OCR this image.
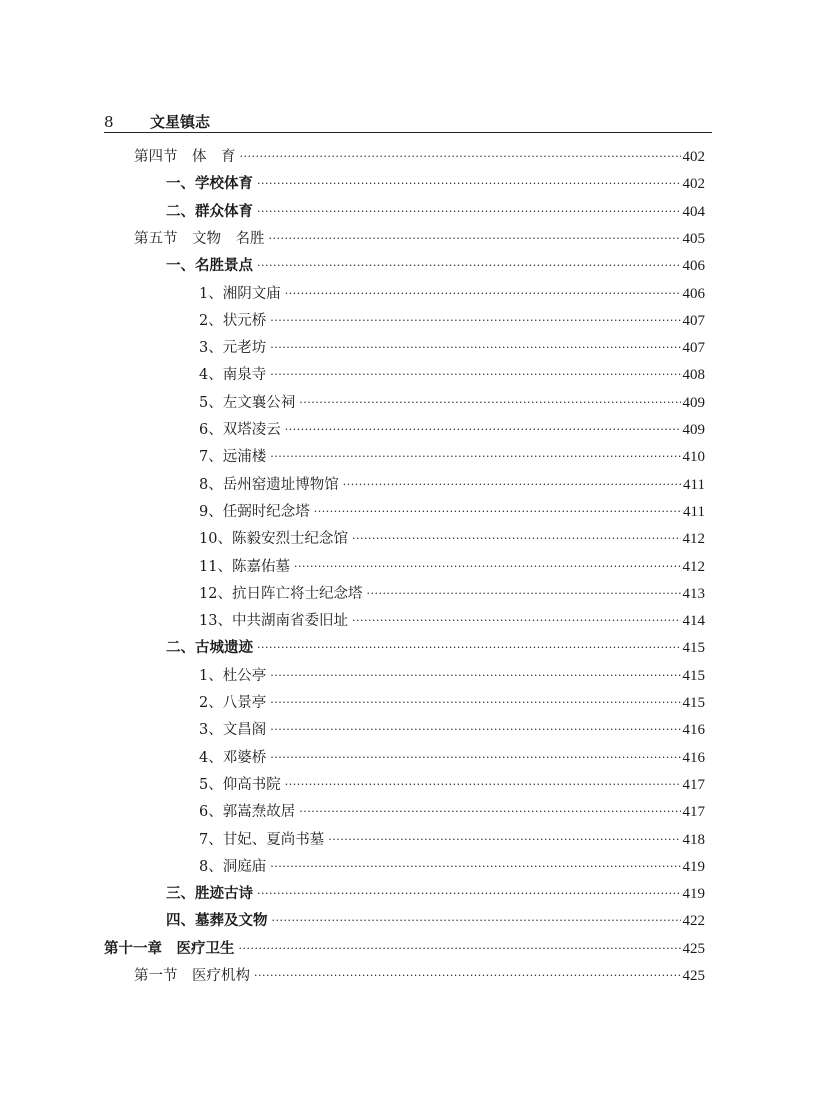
8 文星镇志
第四节　体　育 ·····	402
一、学校体育 ·····	402
二、群众体育 ·····	404
第五节　文物　名胜 ·····	405
一、名胜景点 ·····	406
1、湘阴文庙 ·····	406
2、状元桥 ·····	407
3、元老坊 ·····	407
4、南泉寺 ·····	408
5、左文襄公祠 ·····	409
6、双塔凌云 ·····	409
7、远浦楼 ·····	410
8、岳州窑遗址博物馆 ·····	411
9、任弼时纪念塔 ·····	411
10、陈毅安烈士纪念馆 ·····	412
11、陈嘉佑墓 ·····	412
12、抗日阵亡将士纪念塔 ·····	413
13、中共湖南省委旧址 ·····	414
二、古城遗迹 ·····	415
1、杜公亭 ·····	415
2、八景亭 ·····	415
3、文昌阁 ·····	416
4、邓婆桥 ·····	416
5、仰高书院 ·····	417
6、郭嵩焘故居 ·····	417
7、甘妃、夏尚书墓 ·····	418
8、洞庭庙 ·····	419
三、胜迹古诗 ·····	419
四、墓葬及文物 ·····	422
第十一章　医疗卫生 ·····	425
第一节　医疗机构 ·····	425
